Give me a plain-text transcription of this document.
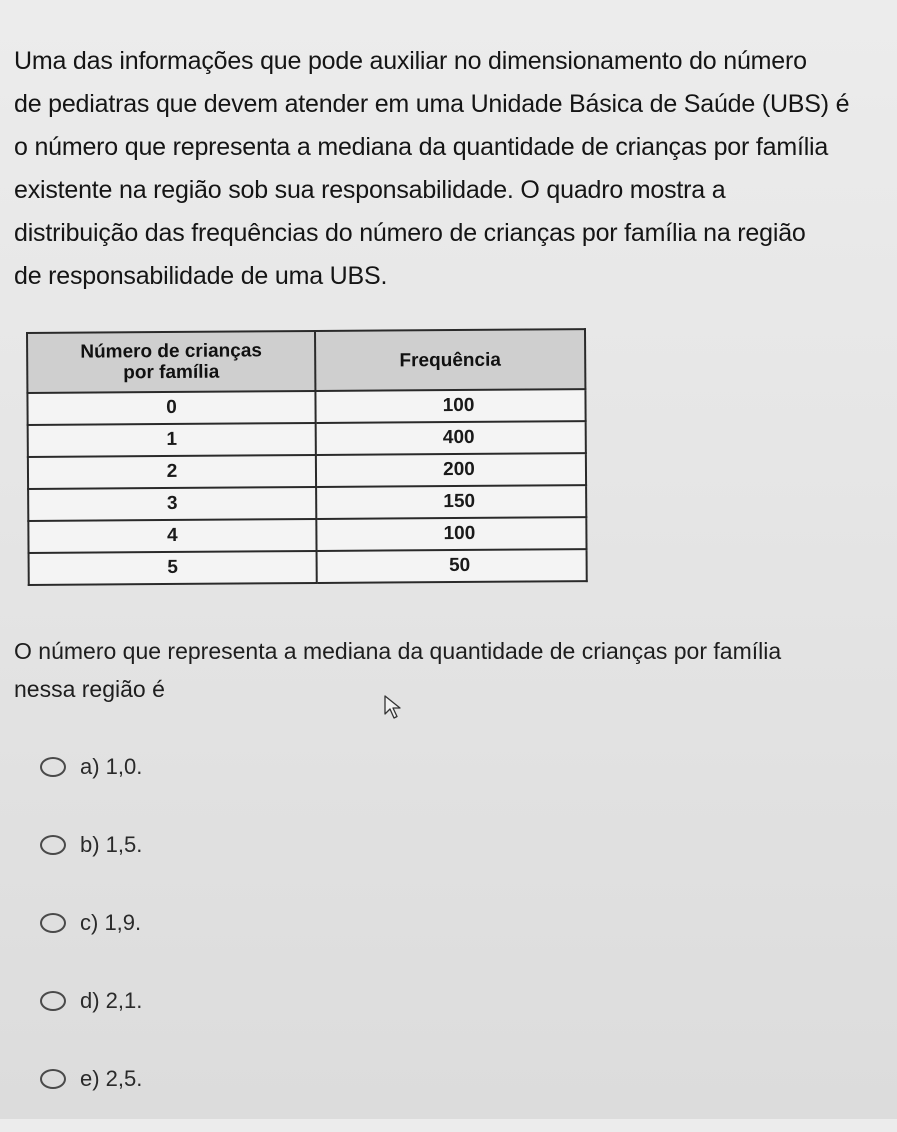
Uma das informações que pode auxiliar no dimensionamento do número
de pediatras que devem atender em uma Unidade Básica de Saúde (UBS) é
o número que representa a mediana da quantidade de crianças por família
existente na região sob sua responsabilidade. O quadro mostra a
distribuição das frequências do número de crianças por família na região
de responsabilidade de uma UBS.

Número de crianças
por família	Frequência
0	100
1	400
2	200
3	150
4	100
5	50

O número que representa a mediana da quantidade de crianças por família
nessa região é

a) 1,0.
b) 1,5.
c) 1,9.
d) 2,1.
e) 2,5.
